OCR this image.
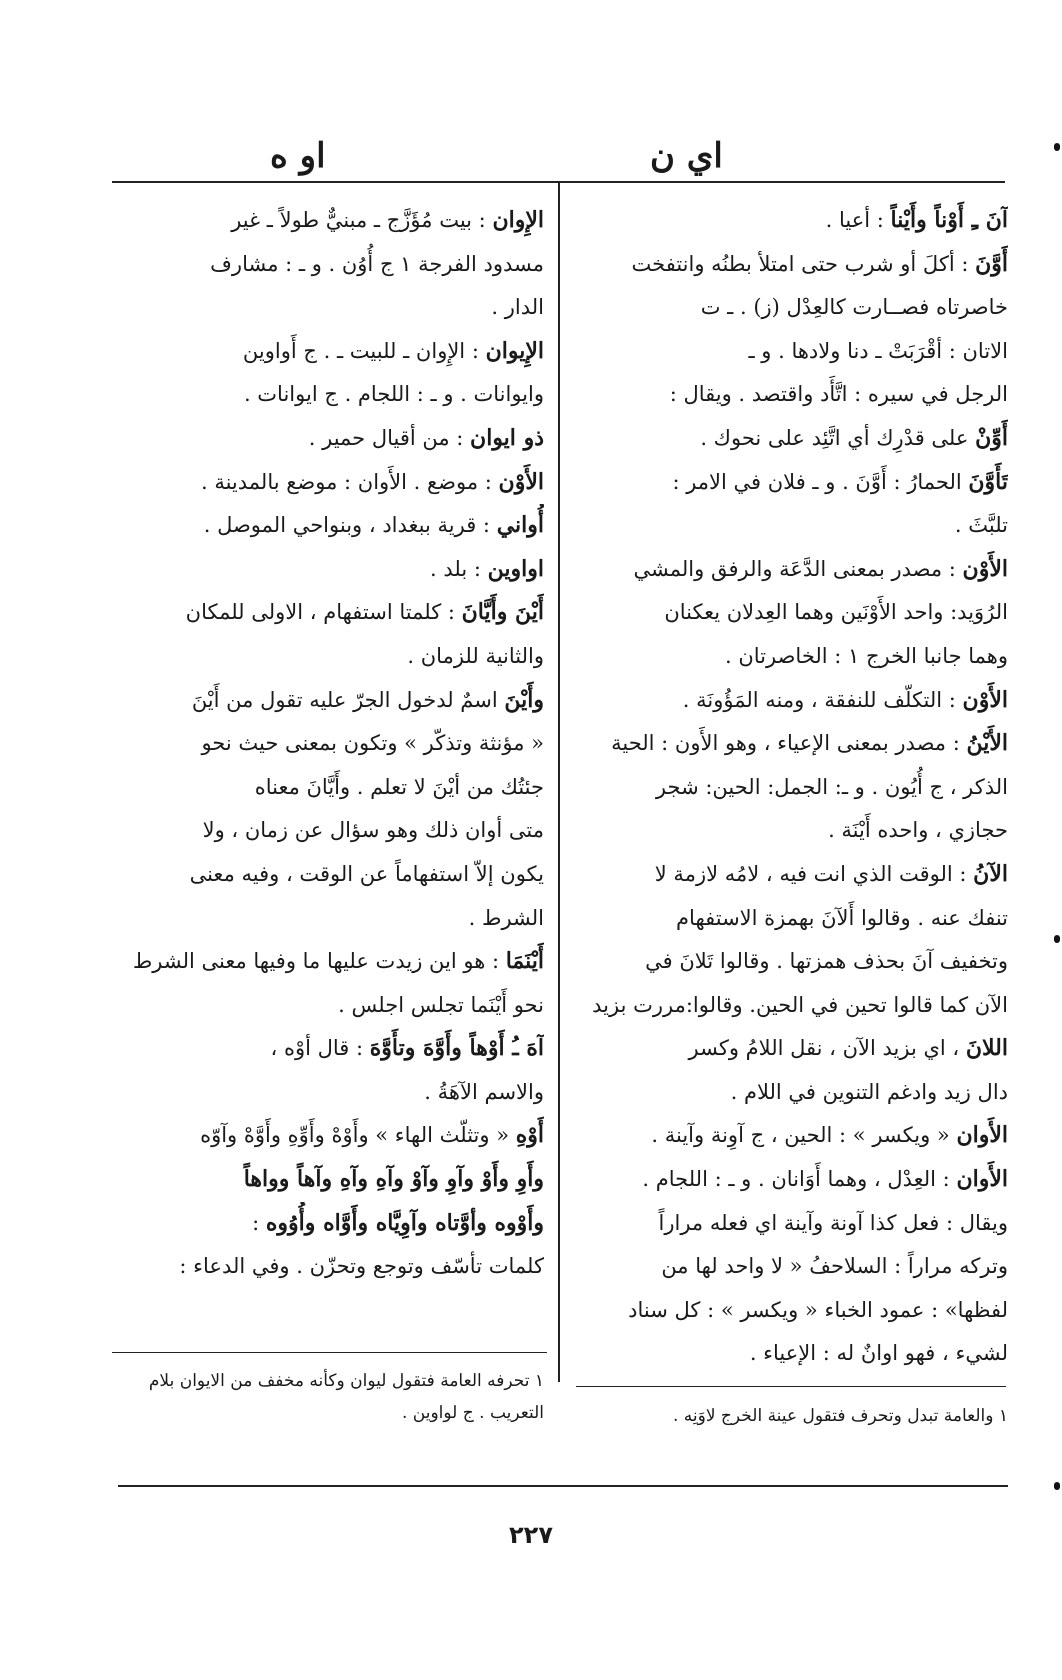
اي ن
او ه

آنَ ـِ أَوْناً وأَيْناً : أعيا .

أَوَّنَ : أكلَ أو شرب حتى امتلأ بطنُه وانتفخت

خاصرتاه فصــارت كالعِدْل (ز) . ـ ت

الاتان : أقْرَبَتْ ـ دنا ولادها . و ـ

الرجل في سيره : اتَّأَد واقتصد . ويقال :

أَوِّنْ على قدْرِك أي اتَّئِد على نحوك .

تَأَوَّنَ الحمارُ : أَوَّنَ . و ـ فلان في الامر :

تلبَّثَ .

الأَوْن : مصدر بمعنى الدَّعَة والرفق والمشي

الرُوَيد: واحد الأَوْنَين وهما العِدلان يعكنان

وهما جانبا الخرج ١ : الخاصرتان .

الأَوْن : التكلّف للنفقة ، ومنه المَؤُونَة .

الأَيْنُ : مصدر بمعنى الإعياء ، وهو الأَون : الحية

الذكر ، ج أُيُون . و ـ: الجمل: الحين: شجر

حجازي ، واحده أَيْنَة .

الآنُ : الوقت الذي انت فيه ، لامُه لازمة لا

تنفك عنه . وقالوا أَلآنَ بهمزة الاستفهام

وتخفيف آنَ بحذف همزتها . وقالوا تَلانَ في

الآن كما قالوا تحين في الحين. وقالوا:مررت بزيد

اللانَ ، اي بزيد الآن ، نقل اللامُ وكسر

دال زيد وادغم التنوين في اللام .

الأَوان « ويكسر » : الحين ، ج آوِنة وآينة .

الأَوان : العِدْل ، وهما أَوَانان . و ـ : اللجام .

ويقال : فعل كذا آونة وآينة اي فعله مراراً

وتركه مراراً : السلاحفُ « لا واحد لها من

لفظها» : عمود الخباء « ويكسر » : كل سناد

لشيء ، فهو اوانٌ له : الإعياء .

الإِوان : بيت مُؤَزَّج ـ مبنيٌّ طولاً ـ غير

مسدود الفرجة ١ ج أُوُن . و ـ : مشارف

الدار .

الإِيوان : الإِوان ـ للبيت ـ . ج أَواوين

وايوانات . و ـ : اللجام . ج ايوانات .

ذو ايوان : من أقيال حمير .

الأَوْن : موضع . الأَوان : موضع بالمدينة .

أُواني : قرية ببغداد ، وبنواحي الموصل .

اواوين : بلد .

أَيْنَ وأَيَّانَ : كلمتا استفهام ، الاولى للمكان

والثانية للزمان .

وأَيْنَ اسمٌ لدخول الجرّ عليه تقول من أَيْنَ

« مؤنثة وتذكّر » وتكون بمعنى حيث نحو

جئتُك من أيْنَ لا تعلم . وأَيَّانَ معناه

متى أوان ذلك وهو سؤال عن زمان ، ولا

يكون إلاّ استفهاماً عن الوقت ، وفيه معنى

الشرط .

أَيْنَمَا : هو اين زيدت عليها ما وفيها معنى الشرط

نحو أَيْنَما تجلس اجلس .

آهَ ـُ أَوْهاً وأَوَّهَ وتأَوَّهَ : قال أوْه ،

والاسم الآهَةُ .

أَوْهِ « وتثلّث الهاء » وأَوْهْ وأَوِّهِ وأَوَّهْ وآوّه

وأَوِ وأَوْ وآوِ وآوْ وآهِ وآهِ وآهاً وواهاً

وأَوْوه وأوَّتاه وآوِيَّاه وأَوَّاه وأُوُوه :

كلمات تأسّف وتوجع وتحزّن . وفي الدعاء :

١ والعامة تبدل وتحرف فتقول عينة الخرج لاوَنِه .

١ تحرفه العامة فتقول ليوان وكأنه مخفف من الايوان بلام

التعريب . ج لواوين .

٢٢٧
